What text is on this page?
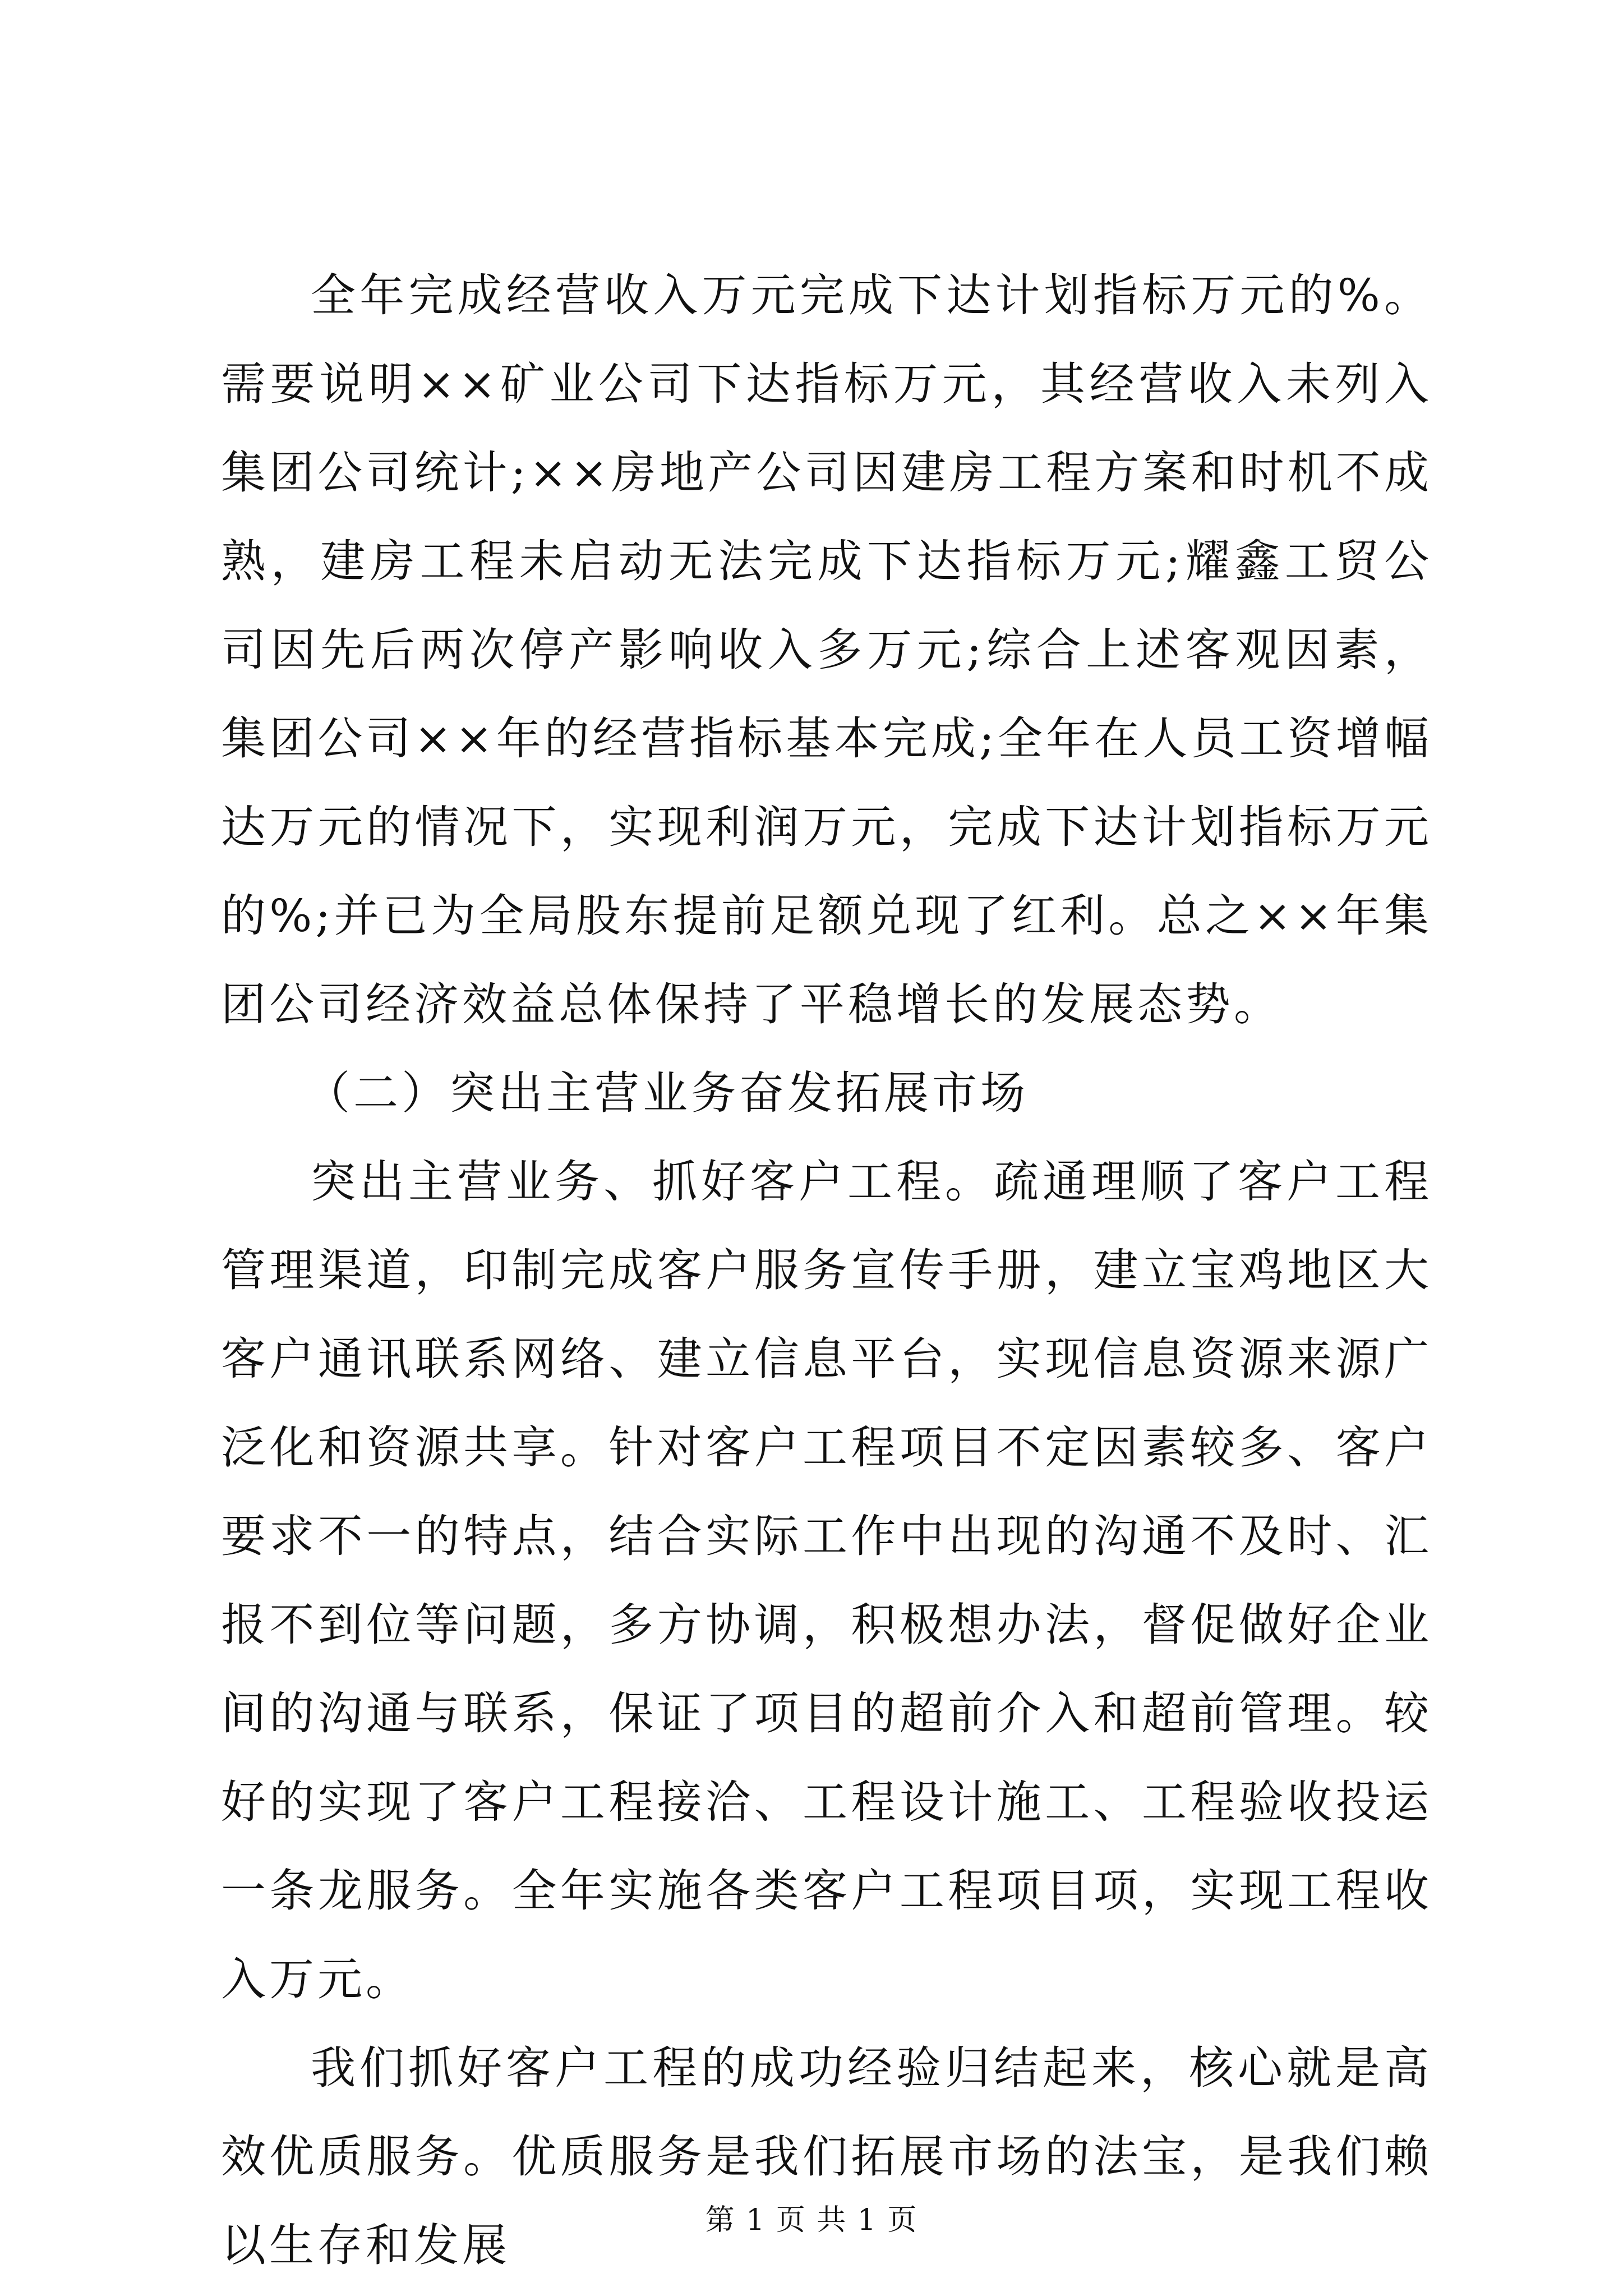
全年完成经营收入万元完成下达计划指标万元的%。需要说明××矿业公司下达指标万元，其经营收入未列入集团公司统计;××房地产公司因建房工程方案和时机不成熟，建房工程未启动无法完成下达指标万元;耀鑫工贸公司因先后两次停产影响收入多万元;综合上述客观因素，集团公司××年的经营指标基本完成;全年在人员工资增幅达万元的情况下，实现利润万元，完成下达计划指标万元的%;并已为全局股东提前足额兑现了红利。总之××年集团公司经济效益总体保持了平稳增长的发展态势。

（二）突出主营业务奋发拓展市场

突出主营业务、抓好客户工程。疏通理顺了客户工程管理渠道，印制完成客户服务宣传手册，建立宝鸡地区大客户通讯联系网络、建立信息平台，实现信息资源来源广泛化和资源共享。针对客户工程项目不定因素较多、客户要求不一的特点，结合实际工作中出现的沟通不及时、汇报不到位等问题，多方协调，积极想办法，督促做好企业间的沟通与联系，保证了项目的超前介入和超前管理。较好的实现了客户工程接洽、工程设计施工、工程验收投运一条龙服务。全年实施各类客户工程项目项，实现工程收入万元。

我们抓好客户工程的成功经验归结起来，核心就是高效优质服务。优质服务是我们拓展市场的法宝，是我们赖以生存和发展	第 1 页 共 1 页
